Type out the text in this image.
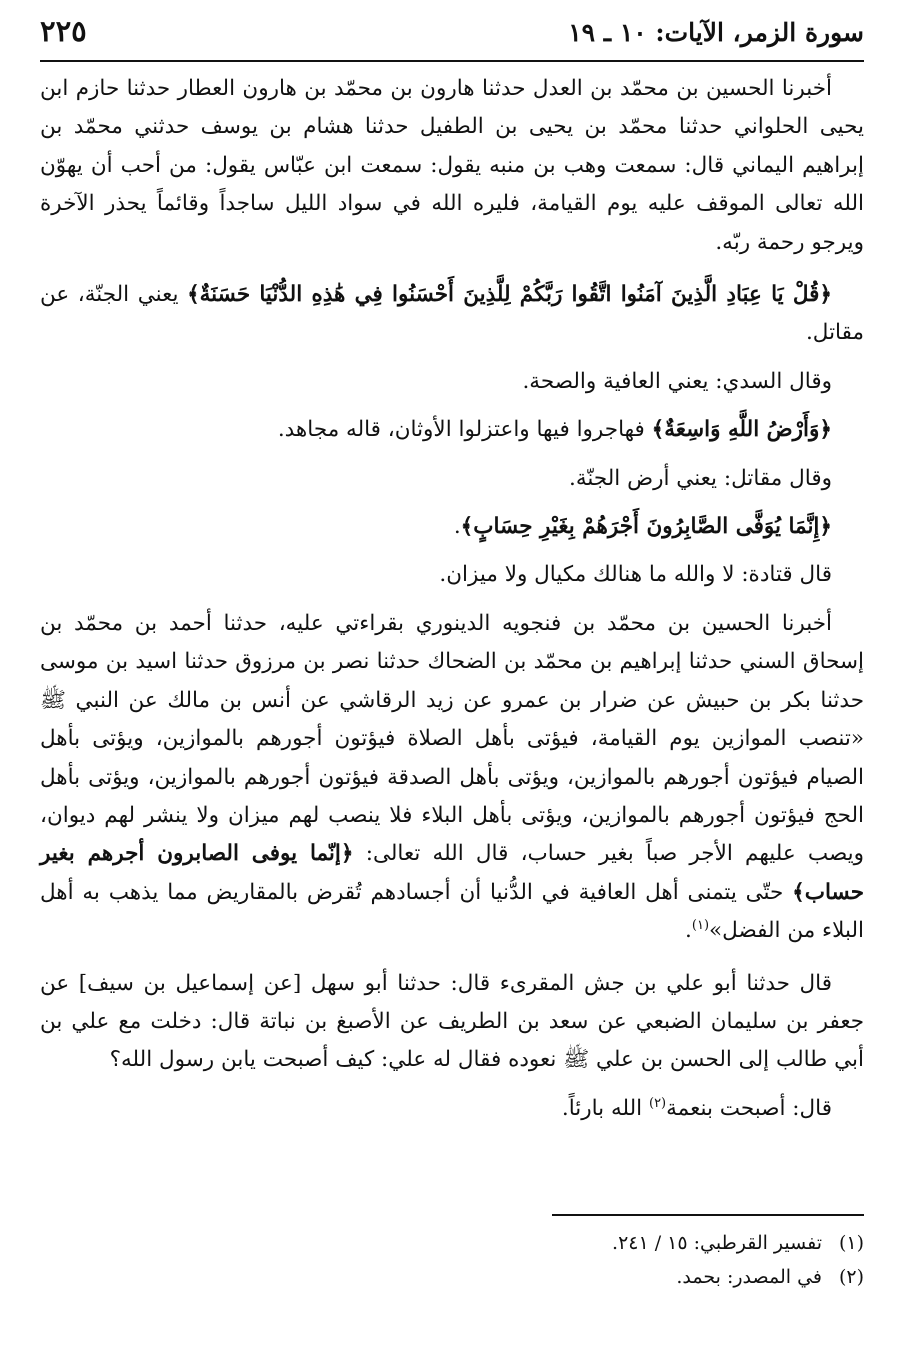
سورة الزمر، الآيات: ١٠ ـ ١٩
٢٢٥

أخبرنا الحسين بن محمّد بن العدل حدثنا هارون بن محمّد بن هارون العطار حدثنا حازم ابن يحيى الحلواني حدثنا محمّد بن يحيى بن الطفيل حدثنا هشام بن يوسف حدثني محمّد بن إبراهيم اليماني قال: سمعت وهب بن منبه يقول: سمعت ابن عبّاس يقول: من أحب أن يهوّن الله تعالى الموقف عليه يوم القيامة، فليره الله في سواد الليل ساجداً وقائماً يحذر الآخرة ويرجو رحمة ربّه.

﴿قُلْ يَا عِبَادِ الَّذِينَ آمَنُوا اتَّقُوا رَبَّكُمْ لِلَّذِينَ أَحْسَنُوا فِي هَٰذِهِ الدُّنْيَا حَسَنَةٌ﴾ يعني الجنّة، عن مقاتل.

وقال السدي: يعني العافية والصحة.

﴿وَأَرْضُ اللَّهِ وَاسِعَةٌ﴾ فهاجروا فيها واعتزلوا الأوثان، قاله مجاهد.

وقال مقاتل: يعني أرض الجنّة.

﴿إِنَّمَا يُوَفَّى الصَّابِرُونَ أَجْرَهُمْ بِغَيْرِ حِسَابٍ﴾.

قال قتادة: لا والله ما هنالك مكيال ولا ميزان.

أخبرنا الحسين بن محمّد بن فنجويه الدينوري بقراءتي عليه، حدثنا أحمد بن محمّد بن إسحاق السني حدثنا إبراهيم بن محمّد بن الضحاك حدثنا نصر بن مرزوق حدثنا اسيد بن موسى حدثنا بكر بن حبيش عن ضرار بن عمرو عن زيد الرقاشي عن أنس بن مالك عن النبي ﷺ «تنصب الموازين يوم القيامة، فيؤتى بأهل الصلاة فيؤتون أجورهم بالموازين، ويؤتى بأهل الصيام فيؤتون أجورهم بالموازين، ويؤتى بأهل الصدقة فيؤتون أجورهم بالموازين، ويؤتى بأهل الحج فيؤتون أجورهم بالموازين، ويؤتى بأهل البلاء فلا ينصب لهم ميزان ولا ينشر لهم ديوان، ويصب عليهم الأجر صباً بغير حساب، قال الله تعالى: ﴿إنّما يوفى الصابرون أجرهم بغير حساب﴾ حتّى يتمنى أهل العافية في الدُّنيا أن أجسادهم تُقرض بالمقاريض مما يذهب به أهل البلاء من الفضل»$^{(١)}$.

قال حدثنا أبو علي بن جش المقرىء قال: حدثنا أبو سهل [عن إسماعيل بن سيف] عن جعفر بن سليمان الضبعي عن سعد بن الطريف عن الأصبغ بن نباتة قال: دخلت مع علي بن أبي طالب إلى الحسن بن علي ﷺ نعوده فقال له علي: كيف أصبحت يابن رسول الله؟

قال: أصبحت بنعمة$^{(٢)}$ الله بارئاً.

(١)
تفسير القرطبي: ١٥ / ٢٤١.
(٢)
في المصدر: بحمد.
